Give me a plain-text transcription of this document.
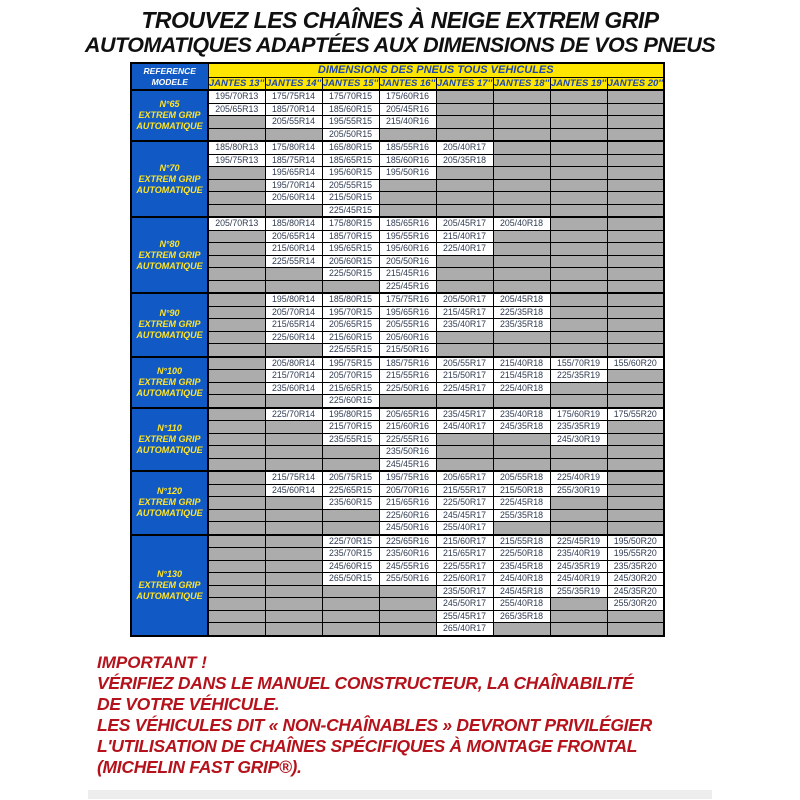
TROUVEZ LES CHAÎNES À NEIGE EXTREM GRIP
AUTOMATIQUES ADAPTÉES AUX DIMENSIONS DE VOS PNEUS
REFERENCE
MODELE	DIMENSIONS DES PNEUS TOUS VEHICULES							
	JANTES 13''	JANTES 14''	JANTES 15''	JANTES 16''	JANTES 17''	JANTES 18''	JANTES 19''	JANTES 20''

N°65
EXTREM GRIP
AUTOMATIQUE	195/70R13	175/75R14	175/70R15	175/60R16				
	205/65R13	185/70R14	185/60R15	205/45R16				
		205/55R14	195/55R15	215/40R16				
			205/50R15					

N°70
EXTREM GRIP
AUTOMATIQUE	185/80R13	175/80R14	165/80R15	185/55R16	205/40R17			
	195/75R13	185/75R14	185/65R15	185/60R16	205/35R18			
		195/65R14	195/60R15	195/50R16				
		195/70R14	205/55R15					
		205/60R14	215/50R15					
			225/45R15					

N°80
EXTREM GRIP
AUTOMATIQUE	205/70R13	185/80R14	175/80R15	185/65R16	205/45R17	205/40R18		
		205/65R14	185/70R15	195/55R16	215/40R17			
		215/60R14	195/65R15	195/60R16	225/40R17			
		225/55R14	205/60R15	205/50R16				
			225/50R15	215/45R16				
				225/45R16				

N°90
EXTREM GRIP
AUTOMATIQUE		195/80R14	185/80R15	175/75R16	205/50R17	205/45R18		
		205/70R14	195/70R15	195/65R16	215/45R17	225/35R18		
		215/65R14	205/65R15	205/55R16	235/40R17	235/35R18		
		225/60R14	215/60R15	205/60R16				
			225/55R15	215/50R16				

N°100
EXTREM GRIP
AUTOMATIQUE		205/80R14	195/75R15	185/75R16	205/55R17	215/40R18	155/70R19	155/60R20
		215/70R14	205/70R15	215/55R16	215/50R17	215/45R18	225/35R19	
		235/60R14	215/65R15	225/50R16	225/45R17	225/40R18		
			225/60R15					

N°110
EXTREM GRIP
AUTOMATIQUE		225/70R14	195/80R15	205/65R16	235/45R17	235/40R18	175/60R19	175/55R20
			215/70R15	215/60R16	245/40R17	245/35R18	235/35R19	
			235/55R15	225/55R16			245/30R19	
				235/50R16				
				245/45R16				

N°120
EXTREM GRIP
AUTOMATIQUE		215/75R14	205/75R15	195/75R16	205/65R17	205/55R18	225/40R19	
		245/60R14	225/65R15	205/70R16	215/55R17	215/50R18	255/30R19	
			235/60R15	215/65R16	225/50R17	225/45R18		
				225/60R16	245/45R17	255/35R18		
				245/50R16	255/40R17			

N°130
EXTREM GRIP
AUTOMATIQUE			225/70R15	225/65R16	215/60R17	215/55R18	225/45R19	195/50R20
			235/70R15	235/60R16	215/65R17	225/50R18	235/40R19	195/55R20
			245/60R15	245/55R16	225/55R17	235/45R18	245/35R19	235/35R20
			265/50R15	255/50R16	225/60R17	245/40R18	245/40R19	245/30R20
					235/50R17	245/45R18	255/35R19	245/35R20
					245/50R17	255/40R18		255/30R20
					255/45R17	265/35R18		
					265/40R17			
IMPORTANT !
VÉRIFIEZ DANS LE MANUEL CONSTRUCTEUR, LA CHAÎNABILITÉ
DE VOTRE VÉHICULE.
LES VÉHICULES DIT « NON-CHAÎNABLES » DEVRONT PRIVILÉGIER
L'UTILISATION DE CHAÎNES SPÉCIFIQUES À MONTAGE FRONTAL
(MICHELIN FAST GRIP®).
